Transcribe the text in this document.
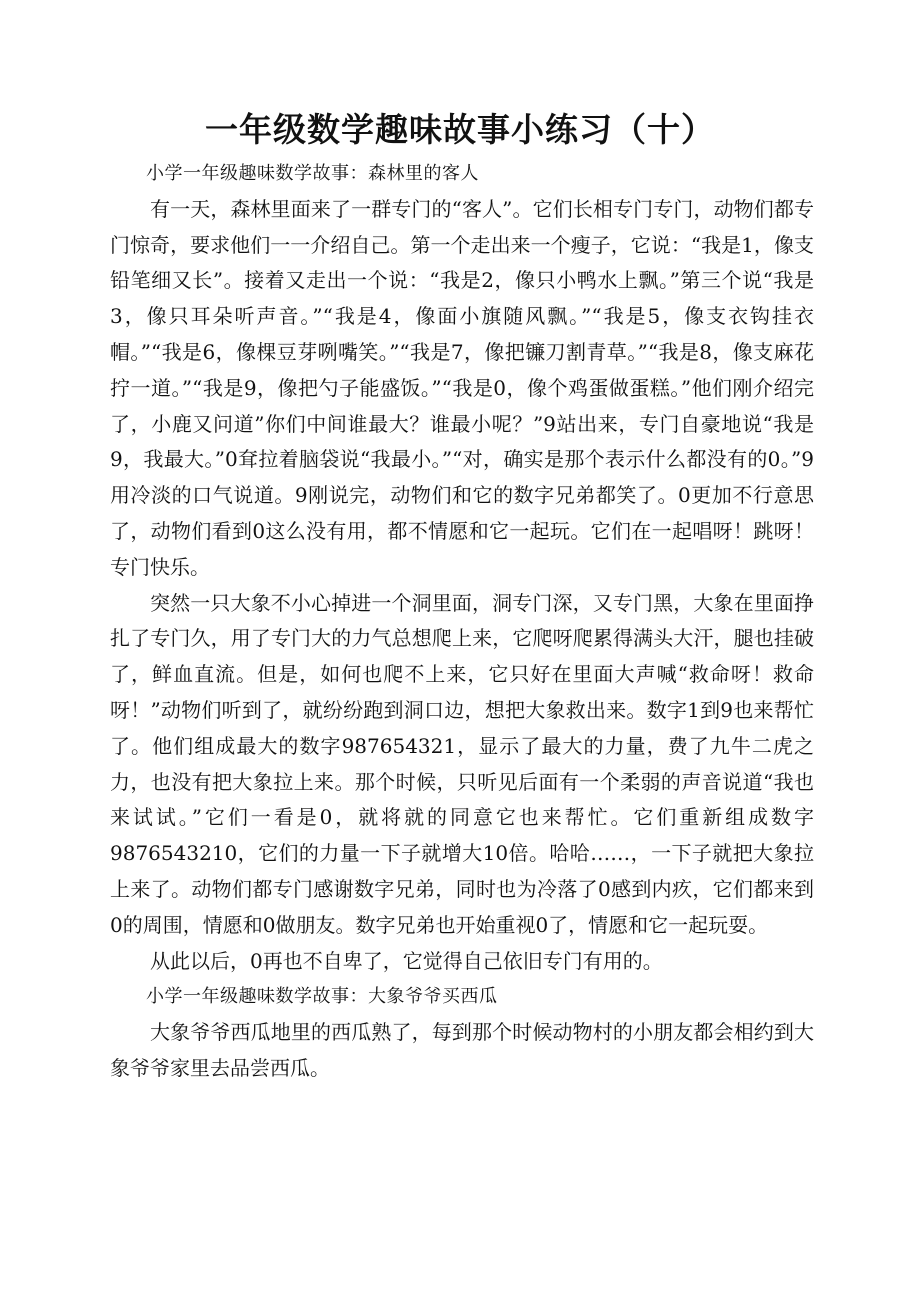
一年级数学趣味故事小练习（十）

小学一年级趣味数学故事：森林里的客人

有一天，森林里面来了一群专门的“客人”。它们长相专门专门，动物们都专门惊奇，要求他们一一介绍自己。第一个走出来一个瘦子，它说：“我是1，像支铅笔细又长”。接着又走出一个说：“我是2，像只小鸭水上飘。”第三个说“我是3，像只耳朵听声音。”“我是4，像面小旗随风飘。”“我是5，像支衣钩挂衣帽。”“我是6，像棵豆芽咧嘴笑。”“我是7，像把镰刀割青草。”“我是8，像支麻花拧一道。”“我是9，像把勺子能盛饭。”“我是0，像个鸡蛋做蛋糕。”他们刚介绍完了，小鹿又问道”你们中间谁最大？谁最小呢？”9站出来，专门自豪地说“我是9，我最大。”0耷拉着脑袋说“我最小。”“对，确实是那个表示什么都没有的0。”9用冷淡的口气说道。9刚说完，动物们和它的数字兄弟都笑了。0更加不行意思了，动物们看到0这么没有用，都不情愿和它一起玩。它们在一起唱呀！跳呀！专门快乐。

突然一只大象不小心掉进一个洞里面，洞专门深，又专门黑，大象在里面挣扎了专门久，用了专门大的力气总想爬上来，它爬呀爬累得满头大汗，腿也挂破了，鲜血直流。但是，如何也爬不上来，它只好在里面大声喊“救命呀！救命呀！”动物们听到了，就纷纷跑到洞口边，想把大象救出来。数字1到9也来帮忙了。他们组成最大的数字987654321，显示了最大的力量，费了九牛二虎之力，也没有把大象拉上来。那个时候，只听见后面有一个柔弱的声音说道“我也来试试。”它们一看是0，就将就的同意它也来帮忙。它们重新组成数字9876543210，它们的力量一下子就增大10倍。哈哈……，一下子就把大象拉上来了。动物们都专门感谢数字兄弟，同时也为冷落了0感到内疚，它们都来到0的周围，情愿和0做朋友。数字兄弟也开始重视0了，情愿和它一起玩耍。

从此以后，0再也不自卑了，它觉得自己依旧专门有用的。

小学一年级趣味数学故事：大象爷爷买西瓜

大象爷爷西瓜地里的西瓜熟了，每到那个时候动物村的小朋友都会相约到大象爷爷家里去品尝西瓜。
